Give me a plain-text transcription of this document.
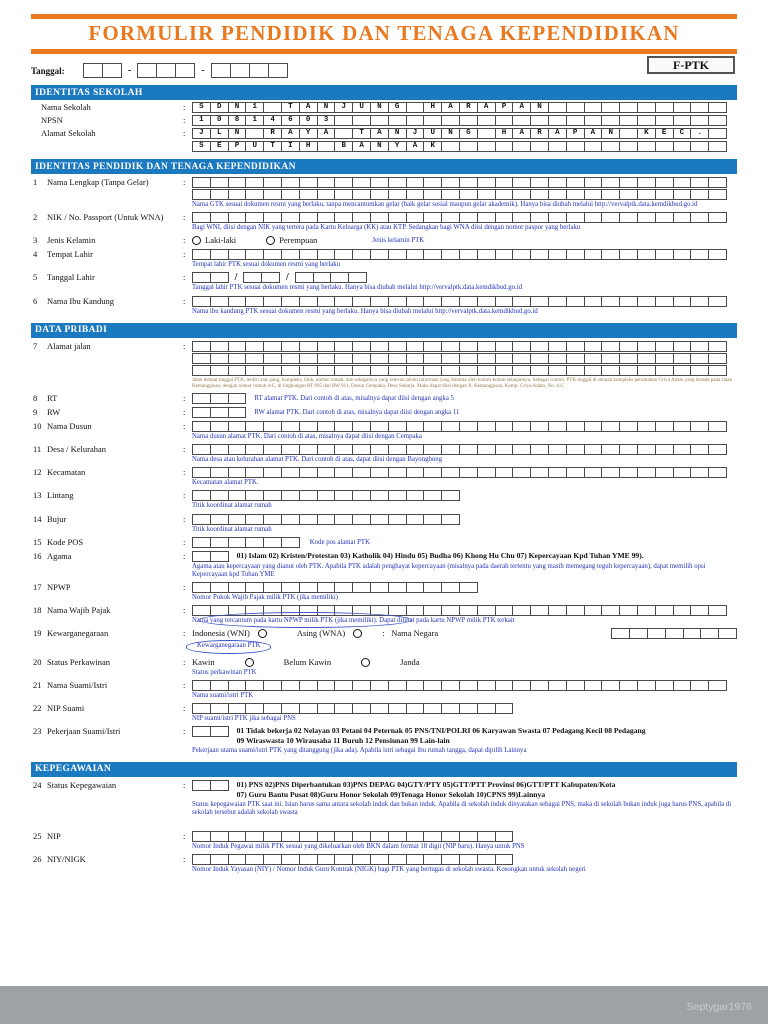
FORMULIR PENDIDIK DAN TENAGA KEPENDIDIKAN
F-PTK
Tanggal:	-	-
IDENTITAS SEKOLAH
Nama Sekolah	:	S	D	N	1	T	A	N	J	U	N	G	H	A	R	A	P	A	N
NPSN	:	1	0	8	1	4	6	0	3
Alamat Sekolah	:	J	L	N	R	A	Y	A	T	A	N	J	U	N	G	H	A	R	A	P	A	N	K	E	C	.
S	E	P	U	T	I	H	B	A	N	Y	A	K
IDENTITAS PENDIDIK DAN TENAGA KEPENDIDIKAN
1	Nama Lengkap (Tanpa Gelar)	:
Nama GTK sesuai dokumen resmi yang berlaku, tanpa mencantumkan gelar (baik gelar sosial maupun gelar akademik). Hanya bisa diubah melalui http://vervalptk.data.kemdikbud.go.id
2	NIK / No. Passport (Untuk WNA)	:
Bagi WNI, diisi dengan NIK yang tertera pada Kartu Keluarga (KK) atau KTP. Sedangkan bagi WNA diisi dengan nomor paspor yang berlaku
3	Jenis Kelamin	:	Laki-laki	Perempuan	Jenis kelamin PTK
4	Tempat Lahir	:
Tempat lahir PTK sesuai dokumen resmi yang berlaku
5	Tanggal Lahir	:	/	/
Tanggal lahir PTK sesuai dokumen resmi yang berlaku. Hanya bisa diubah melalui http://vervalptk.data.kemdikbud.go.id
6	Nama Ibu Kandung	:
Nama ibu kandung PTK sesuai dokumen resmi yang berlaku. Hanya bisa diubah melalui http://vervalptk.data.kemdikbud.go.id
DATA PRIBADI
7	Alamat jalan	:
Jalan tempat tinggal PTK, terdiri atas gang, kompleks, blok, nomor rumah, dan sebagainya yang relevan selain informasi yang diminta oleh kolom-kolom selanjutnya. Sebagai contoh, PTK tinggal di sebuah kompleks perumahan Griya Adam yang berada pada Jalan Kemanggisan, dengan nomor rumah 4-C, di lingkungan RT 005 dan RW 011, Dusun Cempaka, Desa Sukarja. Maka dapat diisi dengan Jl. Kemanggisan, Komp. Griya Adam, No. 4-C
8	RT	:	RT alamat PTK. Dari contoh di atas, misalnya dapat diisi dengan angka 5
9	RW	:	RW alamat PTK. Dari contoh di atas, misalnya dapat diisi dengan angka 11
10 Nama Dusun	:
Nama dusun alamat PTK. Dari contoh di atas, misalnya dapat diisi dengan Cempaka
11 Desa / Kelurahan	:
Nama desa atau kelurahan alamat PTK. Dari contoh di atas, dapat diisi dengan Bayongbong
12 Kecamatan	:
Kecamatan alamat PTK.
13 Lintang	:
Titik koordinat alamat rumah
14 Bujur	:
Titik koordinat alamat rumah
15 Kode POS	:	Kode pos alamat PTK
16 Agama	:	01) Islam 02) Kristen/Protestan 03) Katholik 04) Hindu 05) Budha 06) Khong Hu Chu 07) Kepercayaan Kpd Tuhan YME 99).
Agama atau kepercayaan yang dianut oleh PTK. Apabila PTK adalah penghayat kepercayaan (misalnya pada daerah tertentu yang masih memegang teguh kepercayaan), dapat memilih opsi Kepercayaan kpd Tuhan YME
17 NPWP	:
Nomor Pokok Wajib Pajak milik PTK (jika memiliki)
18 Nama Wajib Pajak	:
Nama yang tercantum pada kartu NPWP milik PTK (jika memiliki). Dapat dilihat pada kartu NPWP milik PTK terkait
19 Kewarganegaraan	: Indonesia (WNI)	Asing (WNA)	: Nama Negara
Kewarganegaraan PTK
20 Status Perkawinan	: Kawin	Belum Kawin	Janda
Status perkawinan PTK
21 Nama Suami/Istri	:
Nama suami/istri PTK
22 NIP Suami	:
NIP suami/istri PTK jika sebagai PNS
23 Pekerjaan Suami/Istri	:	01 Tidak bekerja 02 Nelayan 03 Petani 04 Peternak 05 PNS/TNI/POLRI 06 Karyawan Swasta 07 Pedagang Kecil 08 Pedagang
09 Wiraswasta 10 Wirausaha 11 Buruh 12 Pensiunan 99 Lain-lain
Pekerjaan utama suami/istri PTK yang ditanggung (jika ada). Apabila istri sebagai ibu rumah tangga, dapat dipilih Lainnya
KEPEGAWAIAN
24 Status Kepegawaian	:	01) PNS 02)PNS Diperbantukan 03)PNS DEPAG 04)GTY/PTY 05)GTT/PTT Provinsi 06)GTT/PTT Kabupaten/Kota
07) Guru Bantu Pusat 08)Guru Honor Sekolah 09)Tenaga Honor Sekolah 10)CPNS 99)Lainnya
Status kepegawaian PTK saat ini. Isian harus sama antara sekolah induk dan bukan induk. Apabila di sekolah induk dinyatakan sebagai PNS, maka di sekolah bukan induk juga harus PNS, apabila di sekolah tersebut adalah sekolah swasta
25 NIP	:
Nomor Induk Pegawai milik PTK sesuai yang dikeluarkan oleh BKN dalam format 18 digit (NIP baru). Hanya untuk PNS
26 NIY/NIGK	:
Nomor Induk Yayasan (NIY) / Nomor Induk Guru Kontrak (NIGK) bagi PTK yang bertugas di sekolah swasta. Kosongkan untuk sekolah negeri
Septygar1976
